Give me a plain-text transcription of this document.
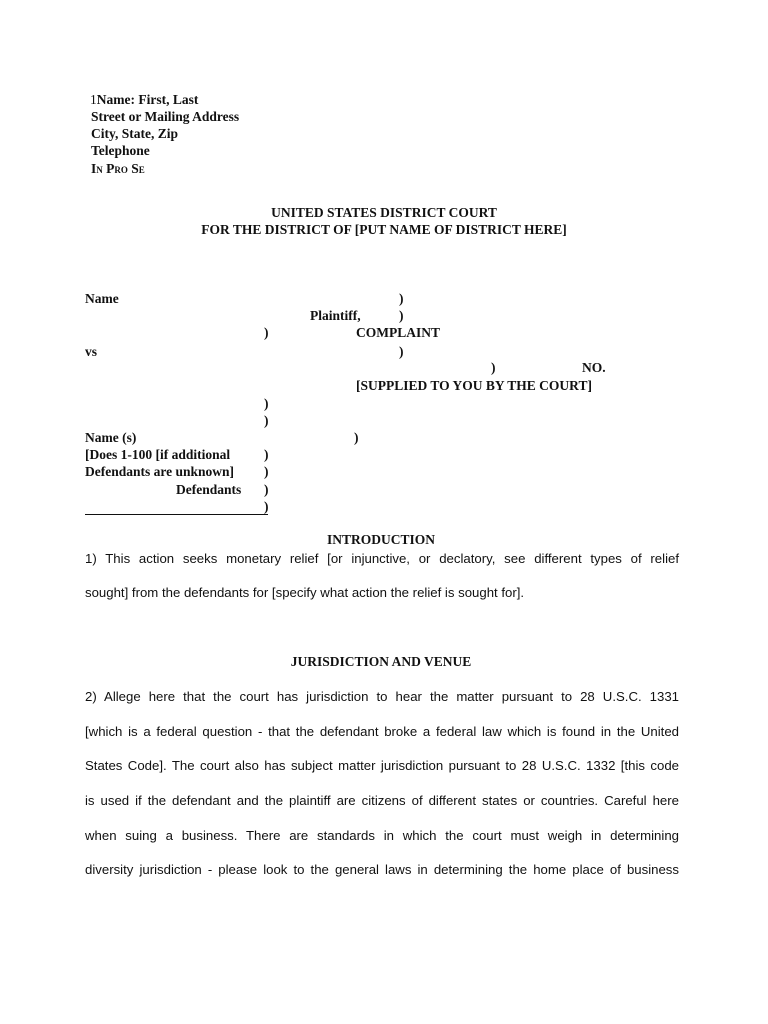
1Name: First, Last
Street or Mailing Address
City, State, Zip
Telephone
In Pro Se
UNITED STATES DISTRICT COURT
FOR THE DISTRICT OF [PUT NAME OF DISTRICT HERE]
Name	)
Plaintiff,	)
)	COMPLAINT
vs	)
)	NO.
[SUPPLIED TO YOU BY THE COURT]
)
)
Name (s)	)
[Does 1-100 [if additional	)
Defendants are unknown] )
Defendants )
)
INTRODUCTION
1) This action seeks monetary relief [or injunctive, or declatory, see different types of relief
sought] from the defendants for [specify what action the relief is sought for].
JURISDICTION AND VENUE
2) Allege here that the court has jurisdiction to hear the matter pursuant to 28 U.S.C. 1331
[which is a federal question - that the defendant broke a federal law which is found in the United
States Code]. The court also has subject matter jurisdiction pursuant to 28 U.S.C. 1332 [this code
is used if the defendant and the plaintiff are citizens of different states or countries. Careful here
when suing a business. There are standards in which the court must weigh in determining
diversity jurisdiction - please look to the general laws in determining the home place of business
